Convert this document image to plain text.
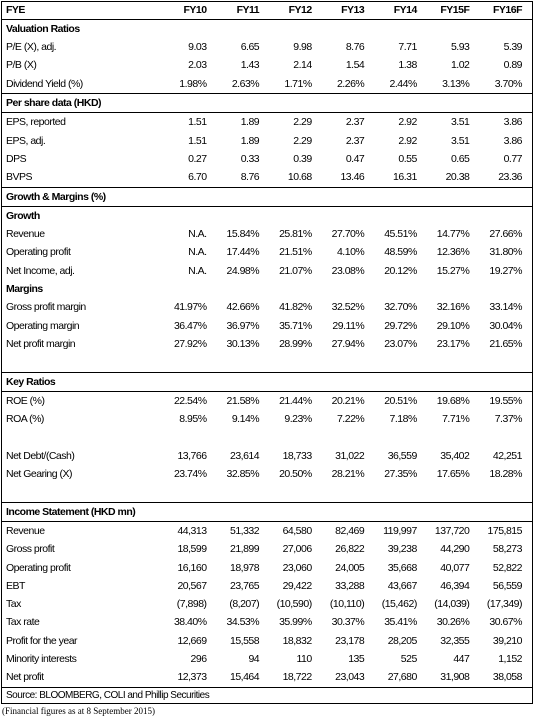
FYE	FY10	FY11	FY12	FY13	FY14	FY15F	FY16F
Valuation Ratios							
P/E (X), adj.	9.03	6.65	9.98	8.76	7.71	5.93	5.39
P/B (X)	2.03	1.43	2.14	1.54	1.38	1.02	0.89
Dividend Yield (%)	1.98%	2.63%	1.71%	2.26%	2.44%	3.13%	3.70%
Per share data (HKD)							
EPS, reported	1.51	1.89	2.29	2.37	2.92	3.51	3.86
EPS, adj.	1.51	1.89	2.29	2.37	2.92	3.51	3.86
DPS	0.27	0.33	0.39	0.47	0.55	0.65	0.77
BVPS	6.70	8.76	10.68	13.46	16.31	20.38	23.36
Growth & Margins (%)							
Growth							
Revenue	N.A.	15.84%	25.81%	27.70%	45.51%	14.77%	27.66%
Operating profit	N.A.	17.44%	21.51%	4.10%	48.59%	12.36%	31.80%
Net Income, adj.	N.A.	24.98%	21.07%	23.08%	20.12%	15.27%	19.27%
Margins							
Gross profit margin	41.97%	42.66%	41.82%	32.52%	32.70%	32.16%	33.14%
Operating margin	36.47%	36.97%	35.71%	29.11%	29.72%	29.10%	30.04%
Net profit margin	27.92%	30.13%	28.99%	27.94%	23.07%	23.17%	21.65%

Key Ratios							
ROE (%)	22.54%	21.58%	21.44%	20.21%	20.51%	19.68%	19.55%
ROA (%)	8.95%	9.14%	9.23%	7.22%	7.18%	7.71%	7.37%

Net Debt/(Cash)	13,766	23,614	18,733	31,022	36,559	35,402	42,251
Net Gearing (X)	23.74%	32.85%	20.50%	28.21%	27.35%	17.65%	18.28%

Income Statement (HKD mn)							
Revenue	44,313	51,332	64,580	82,469	119,997	137,720	175,815
Gross profit	18,599	21,899	27,006	26,822	39,238	44,290	58,273
Operating profit	16,160	18,978	23,060	24,005	35,668	40,077	52,822
EBT	20,567	23,765	29,422	33,288	43,667	46,394	56,559
Tax	(7,898)	(8,207)	(10,590)	(10,110)	(15,462)	(14,039)	(17,349)
Tax rate	38.40%	34.53%	35.99%	30.37%	35.41%	30.26%	30.67%
Profit for the year	12,669	15,558	18,832	23,178	28,205	32,355	39,210
Minority interests	296	94	110	135	525	447	1,152
Net profit	12,373	15,464	18,722	23,043	27,680	31,908	38,058
Source: BLOOMBERG, COLI and Phillip Securities							
(Financial figures as at 8 September 2015)
